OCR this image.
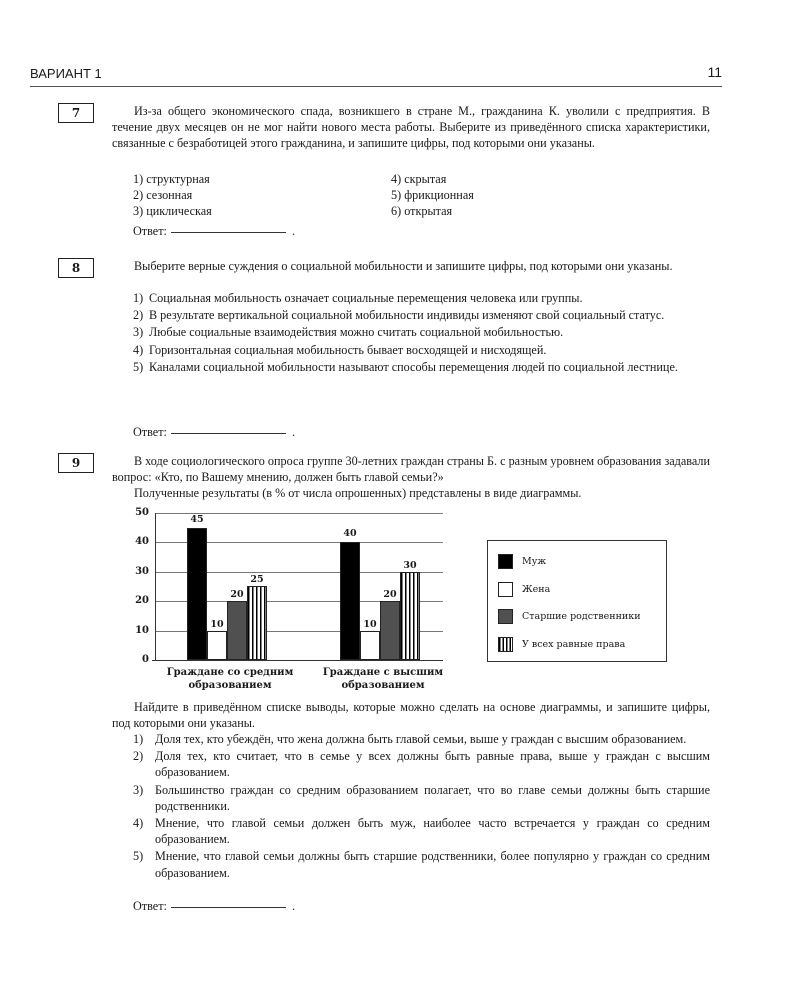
ВАРИАНТ 1	11
7	Из-за общего экономического спада, возникшего в стране М., гражданина К. уволили с предприятия. В течение двух месяцев он не мог найти нового места работы. Выберите из приведённого списка характеристики, связанные с безработицей этого гражданина, и запишите цифры, под которыми они указаны.

1) структурная
2) сезонная
3) циклическая
4) скрытая
5) фрикционная
6) открытая
Ответ:	.
8	Выберите верные суждения о социальной мобильности и запишите цифры, под которыми они указаны.

1) Социальная мобильность означает социальные перемещения человека или группы.
2) В результате вертикальной социальной мобильности индивиды изменяют свой социальный статус.
3) Любые социальные взаимодействия можно считать социальной мобильностью.
4) Горизонтальная социальная мобильность бывает восходящей и нисходящей.
5) Каналами социальной мобильности называют способы перемещения людей по социальной лестнице.
Ответ:	.
9	В ходе социологического опроса группе 30-летних граждан страны Б. с разным уровнем образования задавали вопрос: «Кто, по Вашему мнению, должен быть главой семьи?»

Полученные результаты (в % от числа опрошенных) представлены в виде диаграммы.

50
40
30
20
10
0
45
10
20
25
40
10
20
30
Граждане со средним
образованием
Граждане с высшим
образованием
Муж
Жена
Старшие родственники
У всех равные права

Найдите в приведённом списке выводы, которые можно сделать на основе диаграммы, и запишите цифры, под которыми они указаны.

1) Доля тех, кто убеждён, что жена должна быть главой семьи, выше у граждан с высшим образованием.
2) Доля тех, кто считает, что в семье у всех должны быть равные права, выше у граждан с высшим образованием.
3) Большинство граждан со средним образованием полагает, что во главе семьи должны быть старшие родственники.
4) Мнение, что главой семьи должен быть муж, наиболее часто встречается у граждан со средним образованием.
5) Мнение, что главой семьи должны быть старшие родственники, более популярно у граждан со средним образованием.
Ответ:	.
